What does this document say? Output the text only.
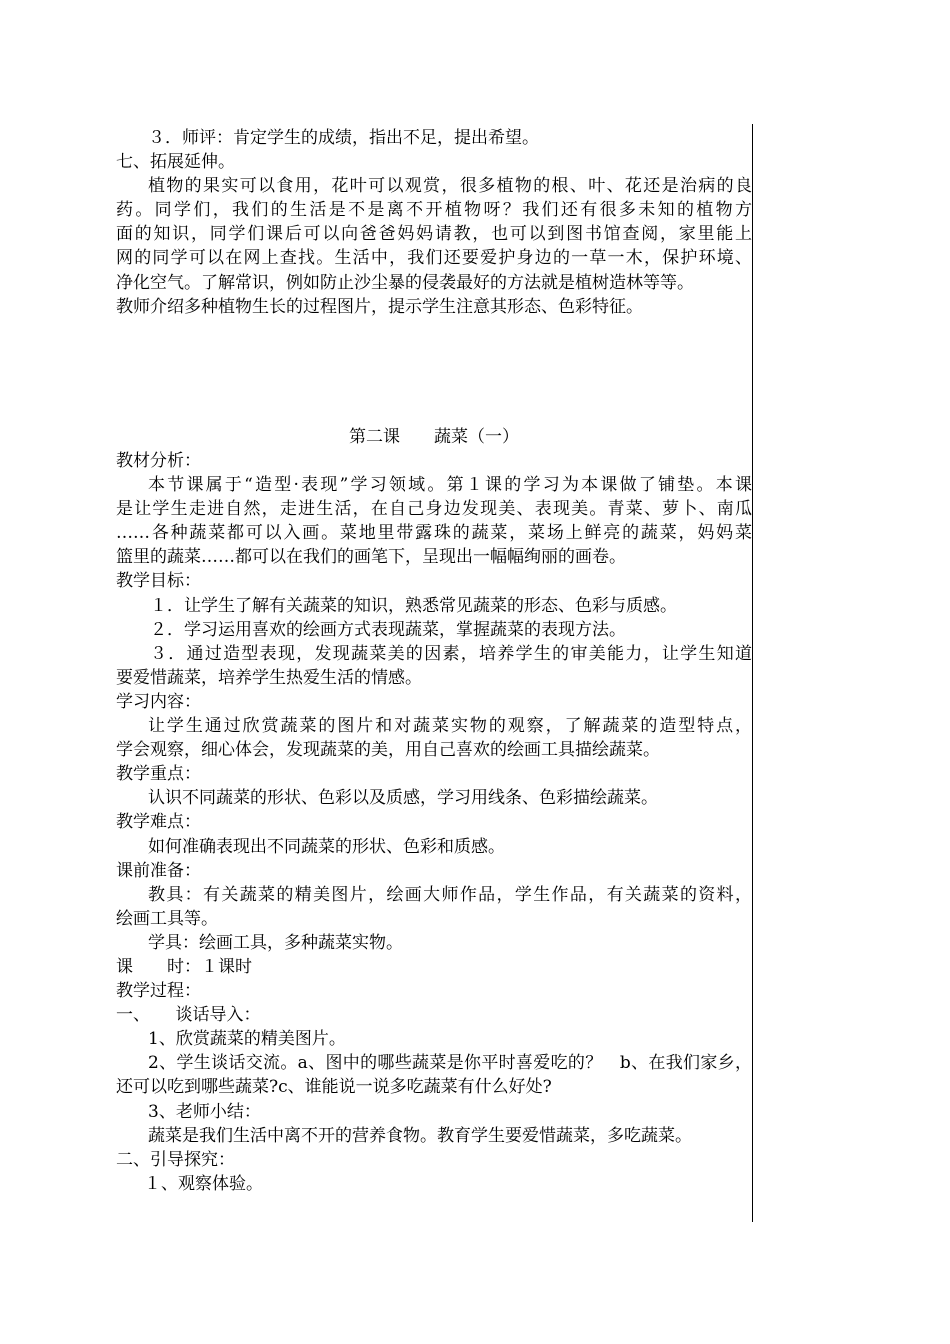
３．师评：肯定学生的成绩，指出不足，提出希望。

七、拓展延伸。

植物的果实可以食用，花叶可以观赏，很多植物的根、叶、花还是治病的良

药。同学们，我们的生活是不是离不开植物呀？我们还有很多未知的植物方

面的知识，同学们课后可以向爸爸妈妈请教，也可以到图书馆查阅，家里能上

网的同学可以在网上查找。生活中，我们还要爱护身边的一草一木，保护环境、

净化空气。了解常识，例如防止沙尘暴的侵袭最好的方法就是植树造林等等。

教师介绍多种植物生长的过程图片，提示学生注意其形态、色彩特征。

第二课 蔬菜（一）

教材分析：

本节课属于“造型·表现”学习领域。第１课的学习为本课做了铺垫。本课

是让学生走进自然，走进生活，在自己身边发现美、表现美。青菜、萝卜、南瓜

……各种蔬菜都可以入画。菜地里带露珠的蔬菜，菜场上鲜亮的蔬菜，妈妈菜

篮里的蔬菜……都可以在我们的画笔下，呈现出一幅幅绚丽的画卷。

教学目标：

１．让学生了解有关蔬菜的知识，熟悉常见蔬菜的形态、色彩与质感。

２．学习运用喜欢的绘画方式表现蔬菜，掌握蔬菜的表现方法。

３．通过造型表现，发现蔬菜美的因素，培养学生的审美能力，让学生知道

要爱惜蔬菜，培养学生热爱生活的情感。

学习内容：

让学生通过欣赏蔬菜的图片和对蔬菜实物的观察，了解蔬菜的造型特点，

学会观察，细心体会，发现蔬菜的美，用自己喜欢的绘画工具描绘蔬菜。

教学重点：

认识不同蔬菜的形状、色彩以及质感，学习用线条、色彩描绘蔬菜。

教学难点：

如何准确表现出不同蔬菜的形状、色彩和质感。

课前准备：

教具：有关蔬菜的精美图片，绘画大师作品，学生作品，有关蔬菜的资料，

绘画工具等。

学具：绘画工具，多种蔬菜实物。

课　　时：１课时

教学过程：

一、　　谈话导入：

1、欣赏蔬菜的精美图片。

2、学生谈话交流。a、图中的哪些蔬菜是你平时喜爱吃的？　b、在我们家乡，

还可以吃到哪些蔬菜?c、谁能说一说多吃蔬菜有什么好处?

3、老师小结：

蔬菜是我们生活中离不开的营养食物。教育学生要爱惜蔬菜，多吃蔬菜。

二、引导探究：

１、观察体验。
